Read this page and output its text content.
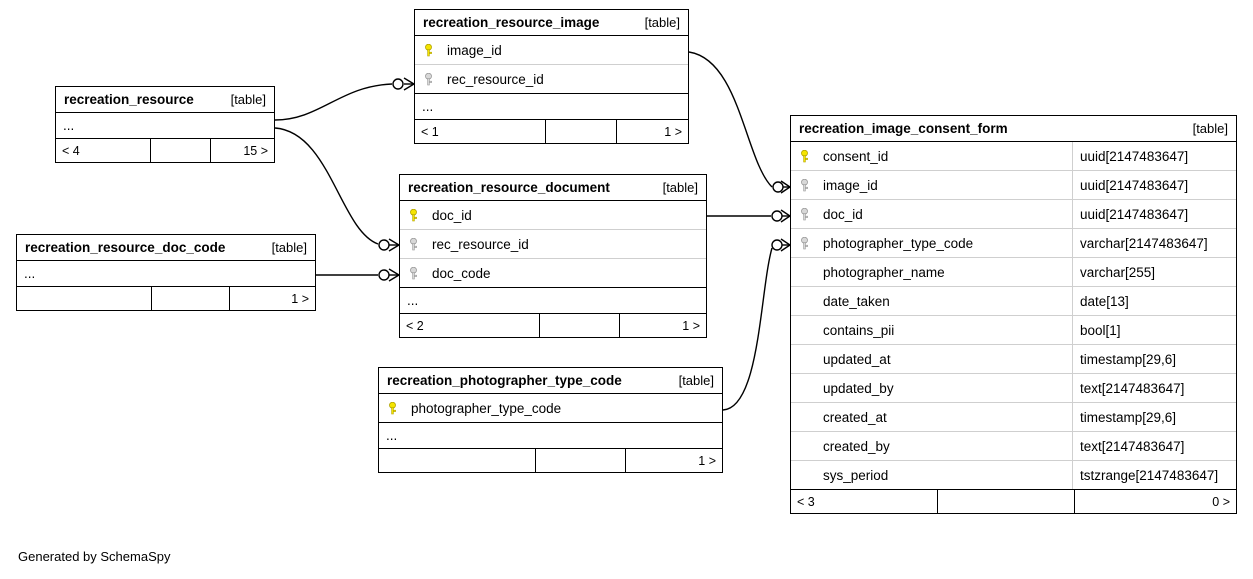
recreation_resource_image	[table]
image_id
rec_resource_id
...
< 1	1 >
recreation_resource	[table]
...
< 4	15 >
recreation_resource_document	[table]
doc_id
rec_resource_id
doc_code
...
< 2	1 >
recreation_resource_doc_code	[table]
...
1 >
recreation_photographer_type_code	[table]
photographer_type_code
...
1 >
recreation_image_consent_form	[table]
consent_id	uuid[2147483647]
image_id	uuid[2147483647]
doc_id	uuid[2147483647]
photographer_type_code	varchar[2147483647]
photographer_name	varchar[255]
date_taken	date[13]
contains_pii	bool[1]
updated_at	timestamp[29,6]
updated_by	text[2147483647]
created_at	timestamp[29,6]
created_by	text[2147483647]
sys_period	tstzrange[2147483647]
< 3	0 >
Generated by SchemaSpy
